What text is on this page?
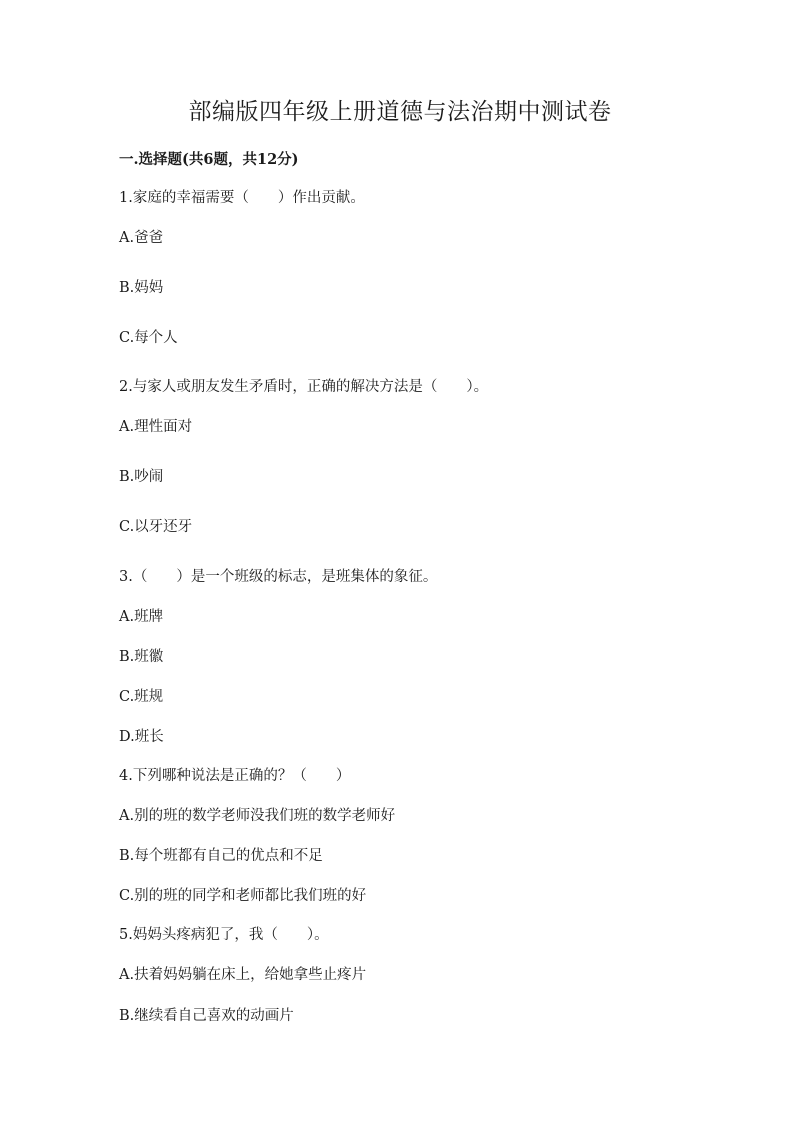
部编版四年级上册道德与法治期中测试卷

一.选择题(共6题，共12分)

1.家庭的幸福需要（　　）作出贡献。

A.爸爸

B.妈妈

C.每个人

2.与家人或朋友发生矛盾时，正确的解决方法是（　　）。

A.理性面对

B.吵闹

C.以牙还牙

3.（　　）是一个班级的标志，是班集体的象征。

A.班牌

B.班徽

C.班规

D.班长

4.下列哪种说法是正确的？（　　）

A.别的班的数学老师没我们班的数学老师好

B.每个班都有自己的优点和不足

C.别的班的同学和老师都比我们班的好

5.妈妈头疼病犯了，我（　　）。

A.扶着妈妈躺在床上，给她拿些止疼片

B.继续看自己喜欢的动画片
